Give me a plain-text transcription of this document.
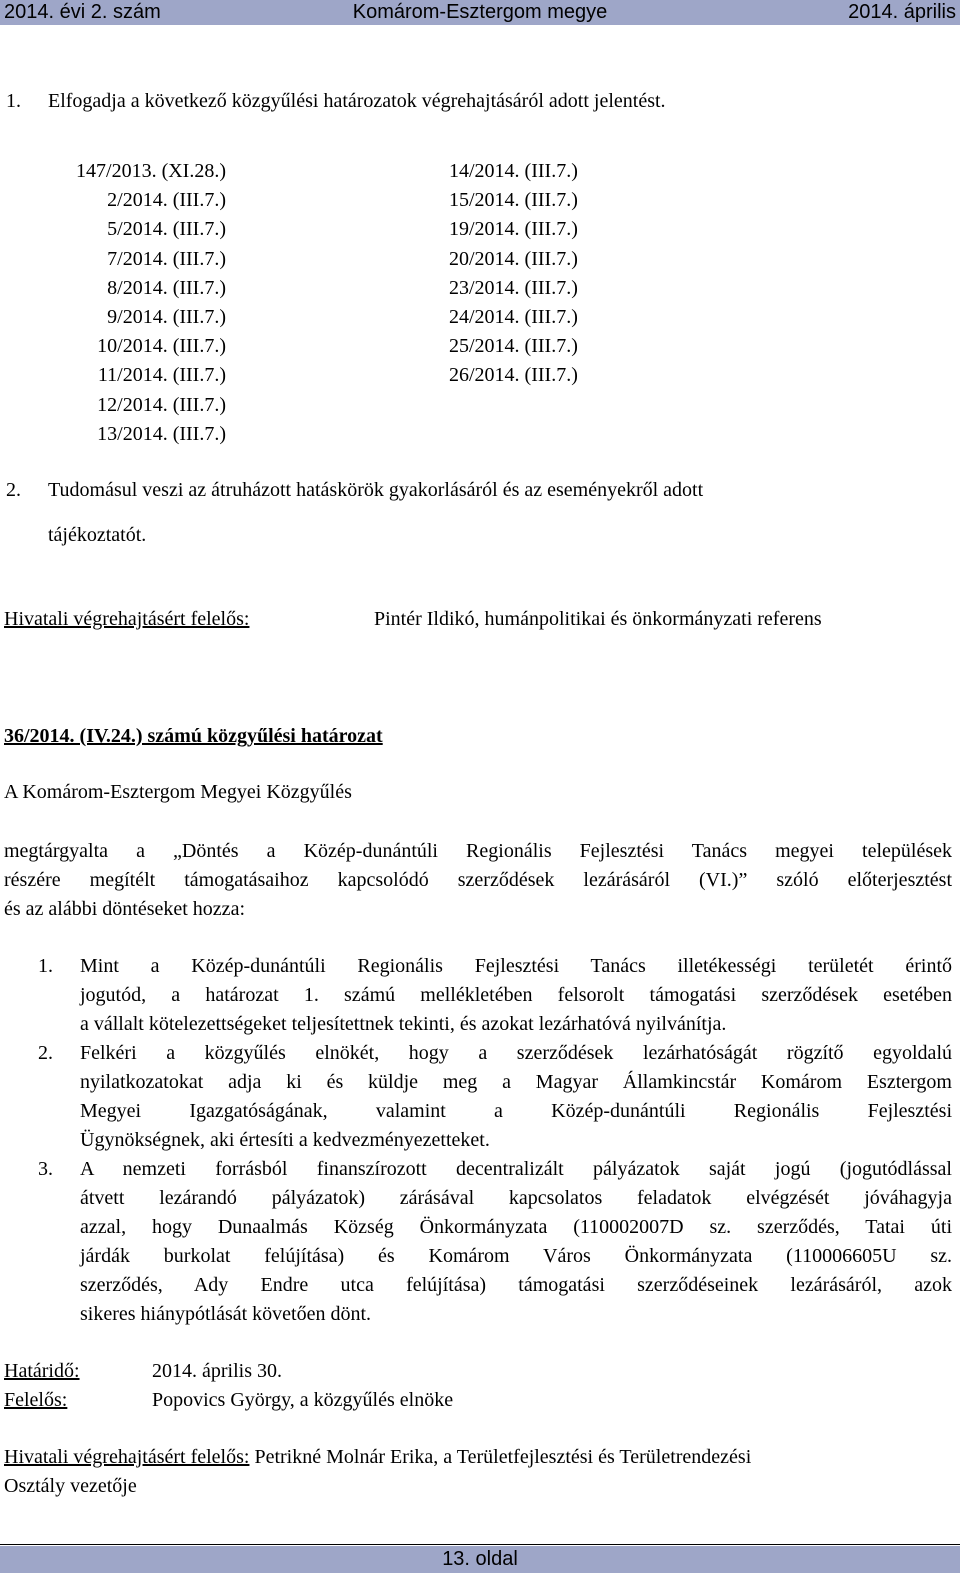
2014. évi 2. szám	Komárom-Esztergom megye	2014. április
1. Elfogadja a következő közgyűlési határozatok végrehajtásáról adott jelentést.
147/2013. (XI.28.)
2/2014. (III.7.)
5/2014. (III.7.)
7/2014. (III.7.)
8/2014. (III.7.)
9/2014. (III.7.)
10/2014. (III.7.)
11/2014. (III.7.)
12/2014. (III.7.)
13/2014. (III.7.)
14/2014. (III.7.)
15/2014. (III.7.)
19/2014. (III.7.)
20/2014. (III.7.)
23/2014. (III.7.)
24/2014. (III.7.)
25/2014. (III.7.)
26/2014. (III.7.)
2. Tudomásul veszi az átruházott hatáskörök gyakorlásáról és az eseményekről adott
tájékoztatót.
Hivatali végrehajtásért felelős:	Pintér Ildikó, humánpolitikai és önkormányzati referens
36/2014. (IV.24.) számú közgyűlési határozat
A Komárom-Esztergom Megyei Közgyűlés
megtárgyalta a „Döntés a Közép-dunántúli Regionális Fejlesztési Tanács megyei települések
részére megítélt támogatásaihoz kapcsolódó szerződések lezárásáról (VI.)” szóló előterjesztést
és az alábbi döntéseket hozza:
1. Mint a Közép-dunántúli Regionális Fejlesztési Tanács illetékességi területét érintő
jogutód, a határozat 1. számú mellékletében felsorolt támogatási szerződések esetében
a vállalt kötelezettségeket teljesítettnek tekinti, és azokat lezárhatóvá nyilvánítja.
2. Felkéri a közgyűlés elnökét, hogy a szerződések lezárhatóságát rögzítő egyoldalú
nyilatkozatokat adja ki és küldje meg a Magyar Államkincstár Komárom Esztergom
Megyei Igazgatóságának, valamint a Közép-dunántúli Regionális Fejlesztési
Ügynökségnek, aki értesíti a kedvezményezetteket.
3. A nemzeti forrásból finanszírozott decentralizált pályázatok saját jogú (jogutódlással
átvett lezárandó pályázatok) zárásával kapcsolatos feladatok elvégzését jóváhagyja
azzal, hogy Dunaalmás Község Önkormányzata (110002007D sz. szerződés, Tatai úti
járdák burkolat felújítása) és Komárom Város Önkormányzata (110006605U sz.
szerződés, Ady Endre utca felújítása) támogatási szerződéseinek lezárásáról, azok
sikeres hiánypótlását követően dönt.
Határidő:	2014. április 30.
Felelős:	Popovics György, a közgyűlés elnöke
Hivatali végrehajtásért felelős: Petrikné Molnár Erika, a Területfejlesztési és Területrendezési
Osztály vezetője
13. oldal
